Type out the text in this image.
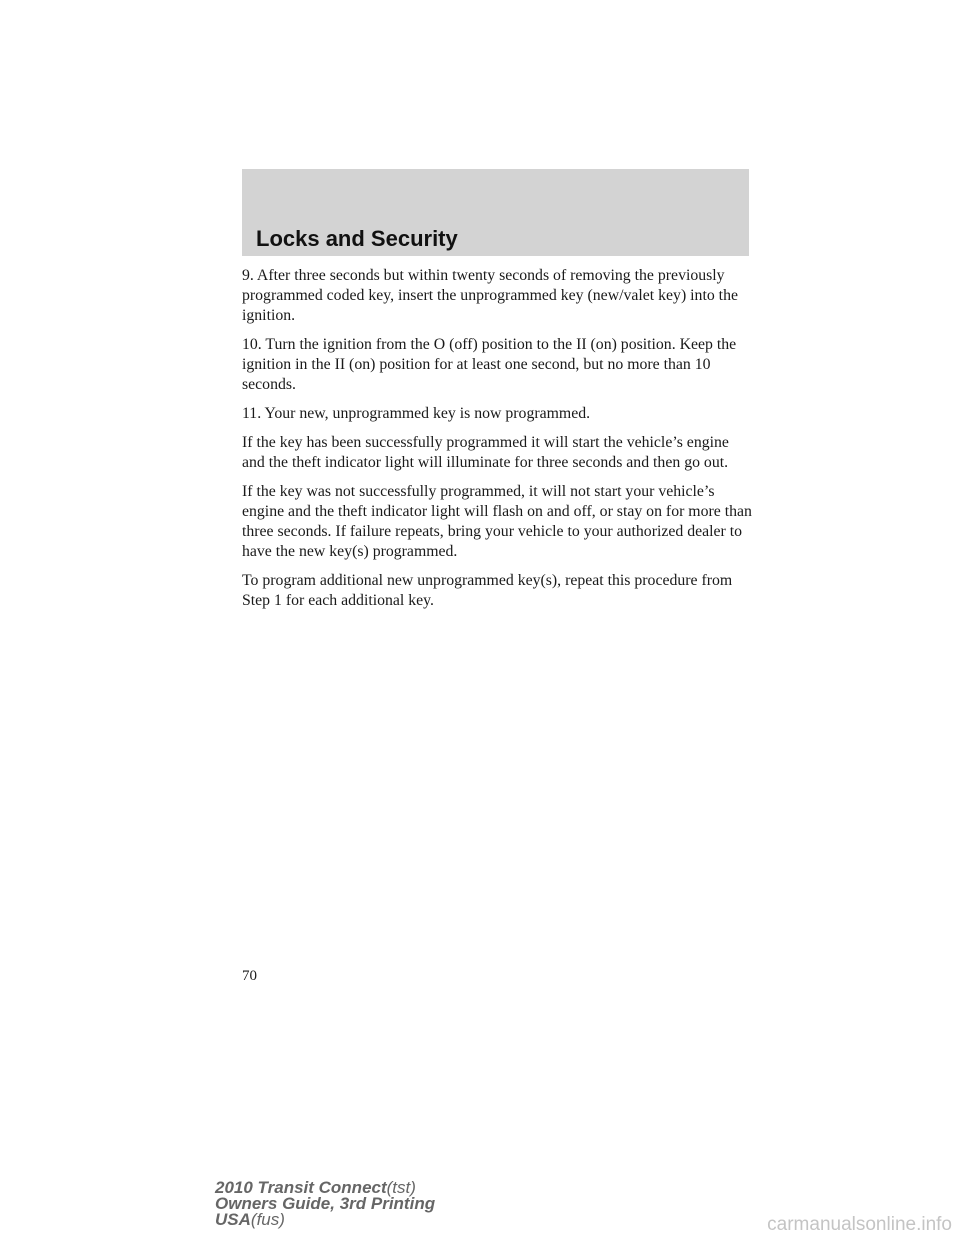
Locks and Security

9. After three seconds but within twenty seconds of removing the previously programmed coded key, insert the unprogrammed key (new/valet key) into the ignition.

10. Turn the ignition from the O (off) position to the II (on) position. Keep the ignition in the II (on) position for at least one second, but no more than 10 seconds.

11. Your new, unprogrammed key is now programmed.

If the key has been successfully programmed it will start the vehicle’s engine and the theft indicator light will illuminate for three seconds and then go out.

If the key was not successfully programmed, it will not start your vehicle’s engine and the theft indicator light will flash on and off, or stay on for more than three seconds. If failure repeats, bring your vehicle to your authorized dealer to have the new key(s) programmed.

To program additional new unprogrammed key(s), repeat this procedure from Step 1 for each additional key.

70
2010 Transit Connect(tst)
Owners Guide, 3rd Printing
USA(fus)	carmanualsonline.info
